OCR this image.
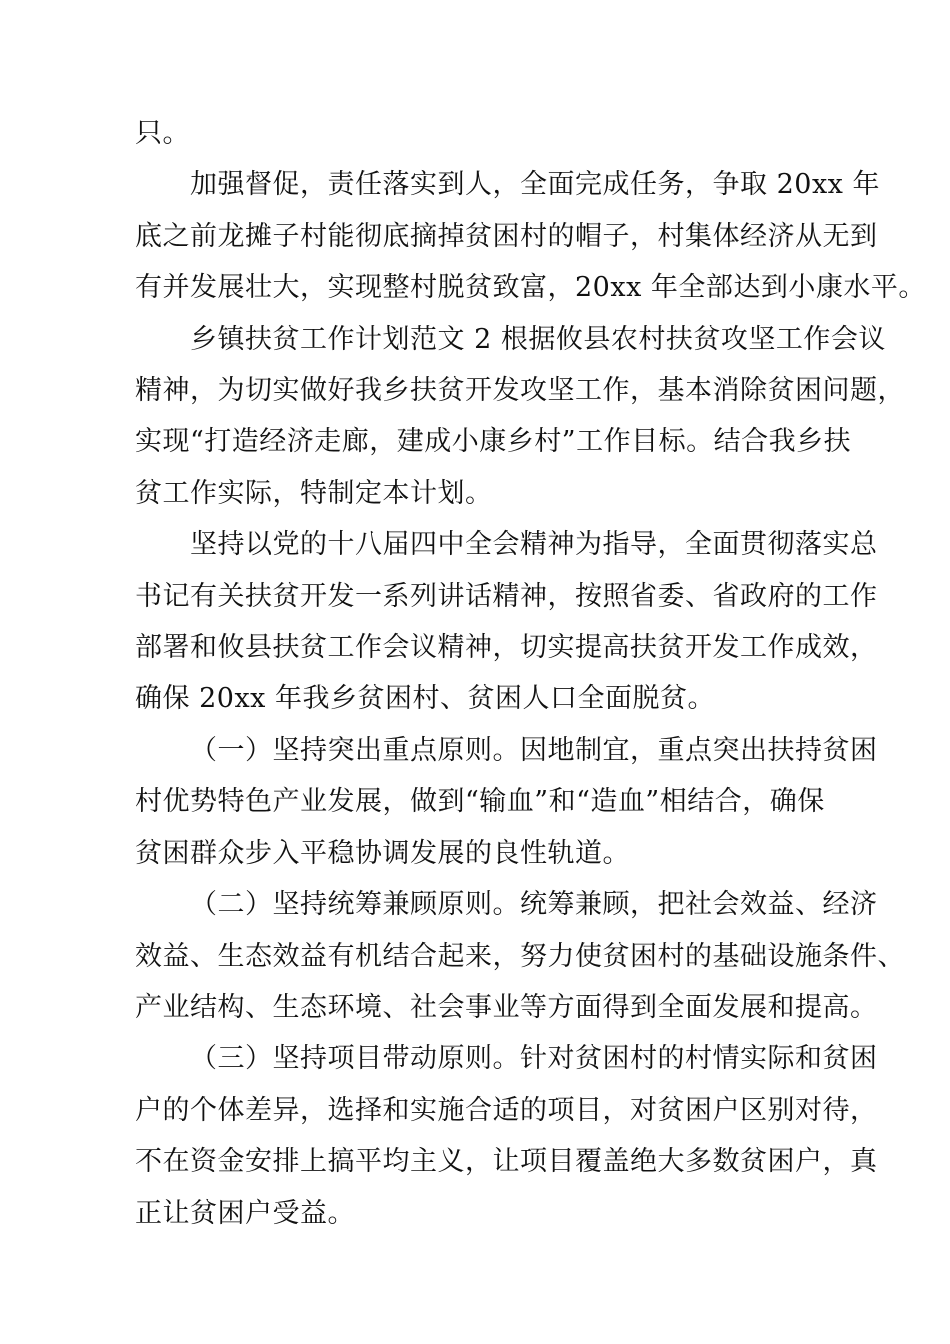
只。
加强督促，责任落实到人，全面完成任务，争取 20xx 年
底之前龙摊子村能彻底摘掉贫困村的帽子，村集体经济从无到
有并发展壮大，实现整村脱贫致富，20xx 年全部达到小康水平。
乡镇扶贫工作计划范文 2 根据攸县农村扶贫攻坚工作会议
精神，为切实做好我乡扶贫开发攻坚工作，基本消除贫困问题，
实现“打造经济走廊，建成小康乡村”工作目标。结合我乡扶
贫工作实际，特制定本计划。
坚持以党的十八届四中全会精神为指导，全面贯彻落实总
书记有关扶贫开发一系列讲话精神，按照省委、省政府的工作
部署和攸县扶贫工作会议精神，切实提高扶贫开发工作成效，
确保 20xx 年我乡贫困村、贫困人口全面脱贫。
（一）坚持突出重点原则。因地制宜，重点突出扶持贫困
村优势特色产业发展，做到“输血”和“造血”相结合，确保
贫困群众步入平稳协调发展的良性轨道。
（二）坚持统筹兼顾原则。统筹兼顾，把社会效益、经济
效益、生态效益有机结合起来，努力使贫困村的基础设施条件、
产业结构、生态环境、社会事业等方面得到全面发展和提高。
（三）坚持项目带动原则。针对贫困村的村情实际和贫困
户的个体差异，选择和实施合适的项目，对贫困户区别对待，
不在资金安排上搞平均主义，让项目覆盖绝大多数贫困户，真
正让贫困户受益。
